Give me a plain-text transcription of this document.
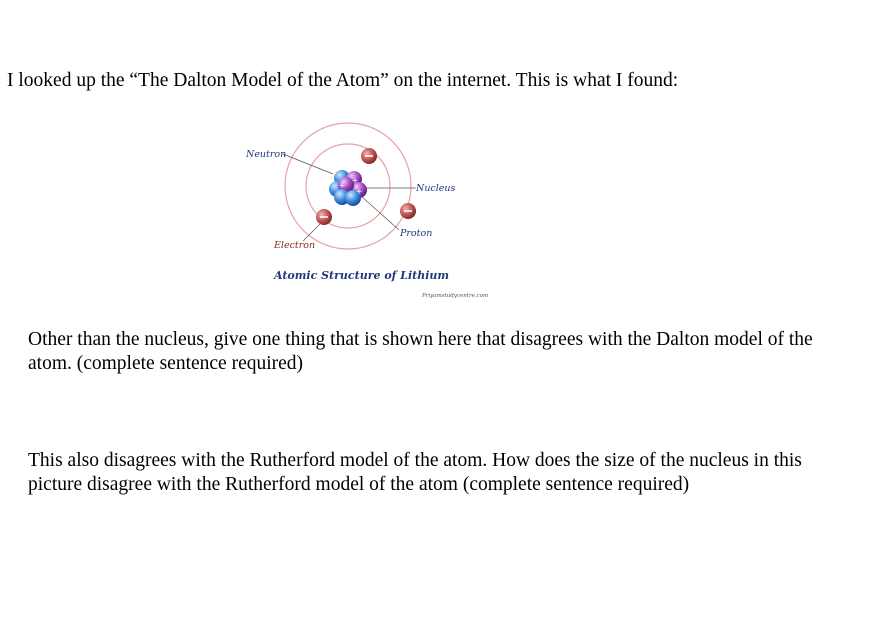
I looked up the “The Dalton Model of the Atom” on the internet. This is what I found:

+
+
+
Neutron
Nucleus
Proton
Electron
Atomic Structure of Lithium
Priyamstudycentre.com

Other than the nucleus, give one thing that is shown here that disagrees with the Dalton model of the atom. (complete sentence required)

This also disagrees with the Rutherford model of the atom. How does the size of the nucleus in this picture disagree with the Rutherford model of the atom (complete sentence required)
